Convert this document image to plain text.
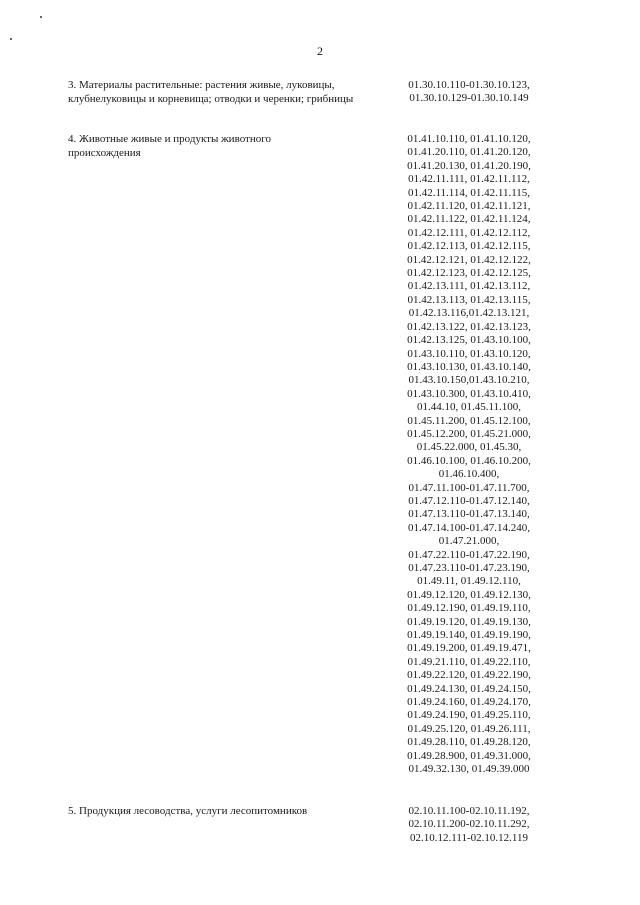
2
3. Материалы растительные: растения живые, луковицы, клубнелуковицы и корневища; отводки и черенки; грибницы
01.30.10.110-01.30.10.123,
01.30.10.129-01.30.10.149
4. Животные живые и продукты животного происхождения
01.41.10.110, 01.41.10.120,
01.41.20.110, 01.41.20.120,
01.41.20.130, 01.41.20.190,
01.42.11.111, 01.42.11.112,
01.42.11.114, 01.42.11.115,
01.42.11.120, 01.42.11.121,
01.42.11.122, 01.42.11.124,
01.42.12.111, 01.42.12.112,
01.42.12.113, 01.42.12.115,
01.42.12.121, 01.42.12.122,
01.42.12.123, 01.42.12.125,
01.42.13.111, 01.42.13.112,
01.42.13.113, 01.42.13.115,
01.42.13.116,01.42.13.121,
01.42.13.122, 01.42.13.123,
01.42.13.125, 01.43.10.100,
01.43.10.110, 01.43.10.120,
01.43.10.130, 01.43.10.140,
01.43.10.150,01.43.10.210,
01.43.10.300, 01.43.10.410,
01.44.10, 01.45.11.100,
01.45.11.200, 01.45.12.100,
01.45.12.200, 01.45.21.000,
01.45.22.000, 01.45.30,
01.46.10.100, 01.46.10.200,
01.46.10.400,
01.47.11.100-01.47.11.700,
01.47.12.110-01.47.12.140,
01.47.13.110-01.47.13.140,
01.47.14.100-01.47.14.240,
01.47.21.000,
01.47.22.110-01.47.22.190,
01.47.23.110-01.47.23.190,
01.49.11, 01.49.12.110,
01.49.12.120, 01.49.12.130,
01.49.12.190, 01.49.19.110,
01.49.19.120, 01.49.19.130,
01.49.19.140, 01.49.19.190,
01.49.19.200, 01.49.19.471,
01.49.21.110, 01.49.22.110,
01.49.22.120, 01.49.22.190,
01.49.24.130, 01.49.24.150,
01.49.24.160, 01.49.24.170,
01.49.24.190, 01.49.25.110,
01.49.25.120, 01.49.26.111,
01.49.28.110, 01.49.28.120,
01.49.28.900, 01.49.31.000,
01.49.32.130, 01.49.39.000
5. Продукция лесоводства, услуги лесопитомников	02.10.11.100-02.10.11.192,
02.10.11.200-02.10.11.292,
02.10.12.111-02.10.12.119
